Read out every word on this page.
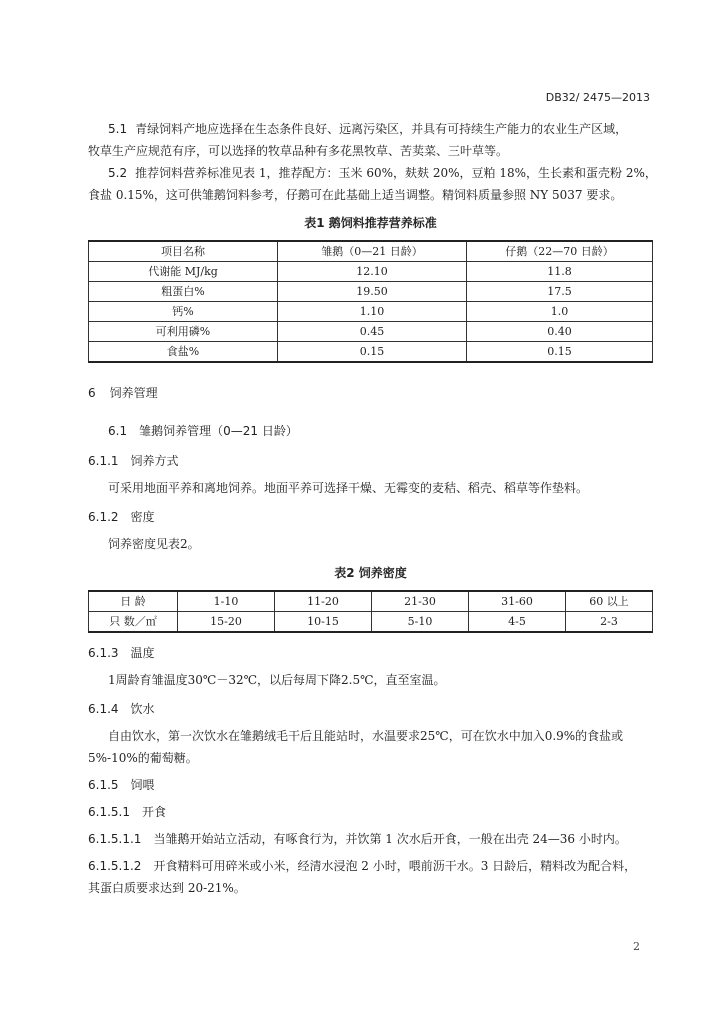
DB32/ 2475—2013
5.1 青绿饲料产地应选择在生态条件良好、远离污染区，并具有可持续生产能力的农业生产区域，
牧草生产应规范有序，可以选择的牧草品种有多花黑牧草、苦荬菜、三叶草等。
5.2 推荐饲料营养标准见表 1，推荐配方：玉米 60%，麸麸 20%，豆粕 18%，生长素和蛋壳粉 2%，
食盐 0.15%，这可供雏鹅饲料参考，仔鹅可在此基础上适当调整。精饲料质量参照 NY 5037 要求。
表1 鹅饲料推荐营养标准
项目名称	雏鹅（0—21 日龄）	仔鹅（22—70 日龄）
代谢能 MJ/kg	12.10	11.8
粗蛋白%	19.50	17.5
钙%	1.10	1.0
可利用磷%	0.45	0.40
食盐%	0.15	0.15
6 饲养管理
6.1 雏鹅饲养管理（0—21 日龄）
6.1.1 饲养方式
可采用地面平养和离地饲养。地面平养可选择干燥、无霉变的麦秸、稻壳、稻草等作垫料。
6.1.2 密度
饲养密度见表2。
表2 饲养密度
日 龄	1-10	11-20	21-30	31-60	60 以上
只 数／㎡	15-20	10-15	5-10	4-5	2-3
6.1.3 温度
1周龄育雏温度30℃－32℃，以后每周下降2.5℃，直至室温。
6.1.4 饮水
自由饮水，第一次饮水在雏鹅绒毛干后且能站时，水温要求25℃，可在饮水中加入0.9%的食盐或
5%-10%的葡萄糖。
6.1.5 饲喂
6.1.5.1 开食
6.1.5.1.1 当雏鹅开始站立活动，有啄食行为，并饮第 1 次水后开食，一般在出壳 24—36 小时内。
6.1.5.1.2 开食精料可用碎米或小米，经清水浸泡 2 小时，喂前沥干水。3 日龄后，精料改为配合料，
其蛋白质要求达到 20-21%。
2
